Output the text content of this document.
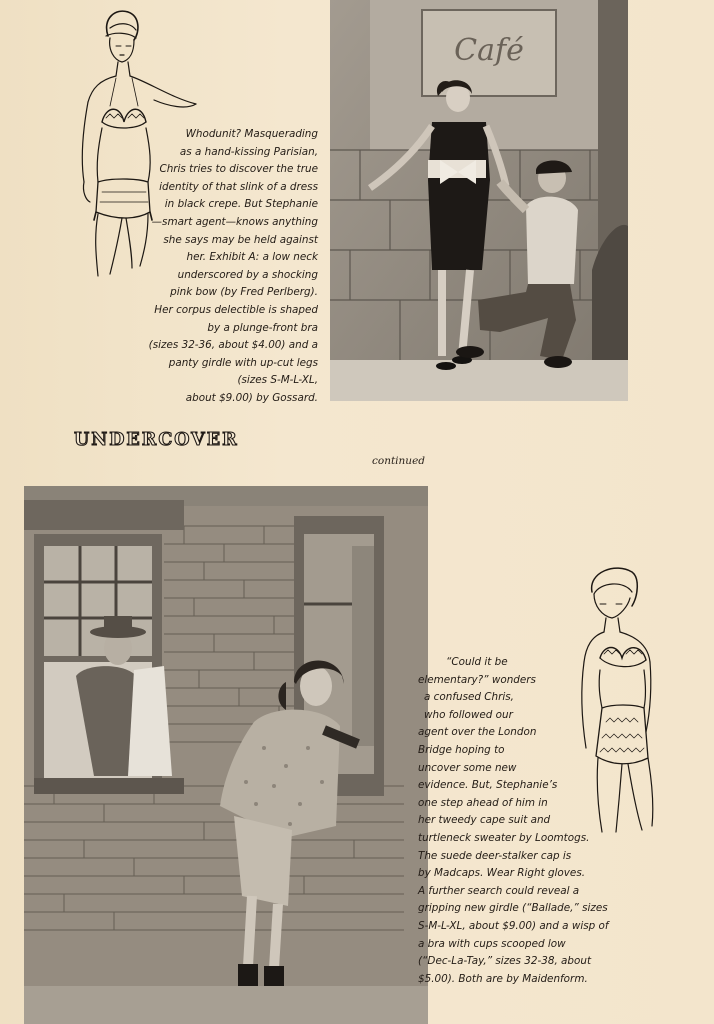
Café
Whodunit? Masquerading
as a hand-kissing Parisian,
Chris tries to discover the true
identity of that slink of a dress
in black crepe. But Stephanie
—smart agent—knows anything
she says may be held against
her. Exhibit A: a low neck
underscored by a shocking
pink bow (by Fred Perlberg).
Her corpus delectible is shaped
by a plunge-front bra
(sizes 32-36, about $4.00) and a
panty girdle with up-cut legs
(sizes S-M-L-XL,
about $9.00) by Gossard.
UNDERCOVER
continued
“Could it be
elementary?” wonders
a confused Chris,
who followed our
agent over the London
Bridge hoping to
uncover some new
evidence. But, Stephanie’s
one step ahead of him in
her tweedy cape suit and
turtleneck sweater by Loomtogs.
The suede deer-stalker cap is
by Madcaps. Wear Right gloves.
A further search could reveal a
gripping new girdle (“Ballade,” sizes
S-M-L-XL, about $9.00) and a wisp of
a bra with cups scooped low
(“Dec-La-Tay,” sizes 32-38, about
$5.00). Both are by Maidenform.
